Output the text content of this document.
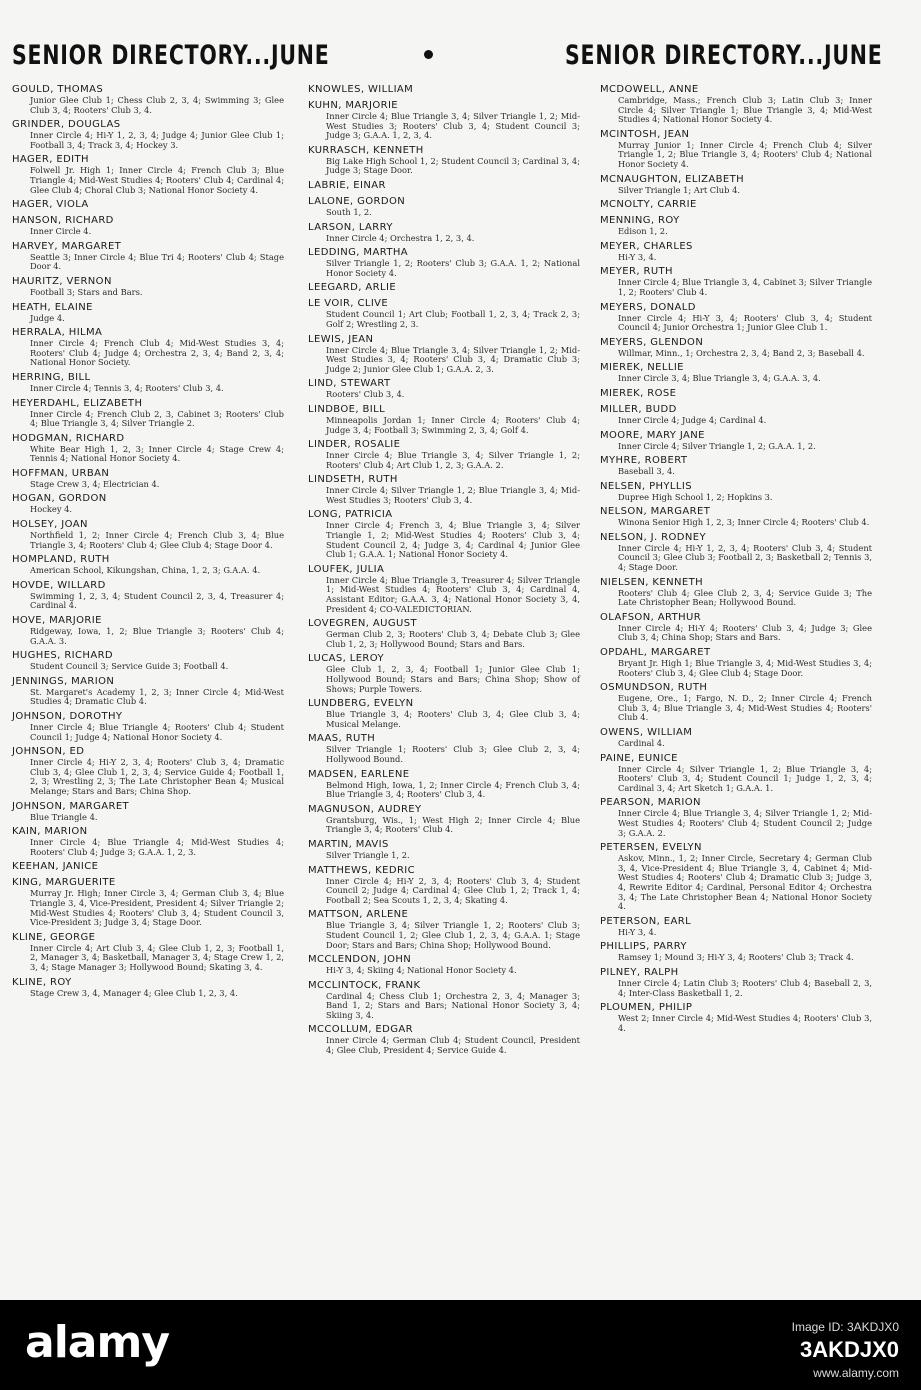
SENIOR DIRECTORY...JUNE	SENIOR DIRECTORY...JUNE
GOULD, THOMAS
Junior Glee Club 1; Chess Club 2, 3, 4; Swimming 3; Glee Club 3, 4; Rooters' Club 3, 4.
GRINDER, DOUGLAS
Inner Circle 4; Hi-Y 1, 2, 3, 4; Judge 4; Junior Glee Club 1; Football 3, 4; Track 3, 4; Hockey 3.
HAGER, EDITH
Folwell Jr. High 1; Inner Circle 4; French Club 3; Blue Triangle 4; Mid-West Studies 4; Rooters' Club 4; Cardinal 4; Glee Club 4; Choral Club 3; National Honor Society 4.
HAGER, VIOLA
HANSON, RICHARD
Inner Circle 4.
HARVEY, MARGARET
Seattle 3; Inner Circle 4; Blue Tri 4; Rooters' Club 4; Stage Door 4.
HAURITZ, VERNON
Football 3; Stars and Bars.
HEATH, ELAINE
Judge 4.
HERRALA, HILMA
Inner Circle 4; French Club 4; Mid-West Studies 3, 4; Rooters' Club 4; Judge 4; Orchestra 2, 3, 4; Band 2, 3, 4; National Honor Society.
HERRING, BILL
Inner Circle 4; Tennis 3, 4; Rooters' Club 3, 4.
HEYERDAHL, ELIZABETH
Inner Circle 4; French Club 2, 3, Cabinet 3; Rooters' Club 4; Blue Triangle 3, 4; Silver Triangle 2.
HODGMAN, RICHARD
White Bear High 1, 2, 3; Inner Circle 4; Stage Crew 4; Tennis 4; National Honor Society 4.
HOFFMAN, URBAN
Stage Crew 3, 4; Electrician 4.
HOGAN, GORDON
Hockey 4.
HOLSEY, JOAN
Northfield 1, 2; Inner Circle 4; French Club 3, 4; Blue Triangle 3, 4; Rooters' Club 4; Glee Club 4; Stage Door 4.
HOMPLAND, RUTH
American School, Kikungshan, China, 1, 2, 3; G.A.A. 4.
HOVDE, WILLARD
Swimming 1, 2, 3, 4; Student Council 2, 3, 4, Treasurer 4; Cardinal 4.
HOVE, MARJORIE
Ridgeway, Iowa, 1, 2; Blue Triangle 3; Rooters' Club 4; G.A.A. 3.
HUGHES, RICHARD
Student Council 3; Service Guide 3; Football 4.
JENNINGS, MARION
St. Margaret's Academy 1, 2, 3; Inner Circle 4; Mid-West Studies 4; Dramatic Club 4.
JOHNSON, DOROTHY
Inner Circle 4; Blue Triangle 4; Rooters' Club 4; Student Council 1; Judge 4; National Honor Society 4.
JOHNSON, ED
Inner Circle 4; Hi-Y 2, 3, 4; Rooters' Club 3, 4; Dramatic Club 3, 4; Glee Club 1, 2, 3, 4; Service Guide 4; Football 1, 2, 3; Wrestling 2, 3; The Late Christopher Bean 4; Musical Melange; Stars and Bars; China Shop.
JOHNSON, MARGARET
Blue Triangle 4.
KAIN, MARION
Inner Circle 4; Blue Triangle 4; Mid-West Studies 4; Rooters' Club 4; Judge 3; G.A.A. 1, 2, 3.
KEEHAN, JANICE
KING, MARGUERITE
Murray Jr. High; Inner Circle 3, 4; German Club 3, 4; Blue Triangle 3, 4, Vice-President, President 4; Silver Triangle 2; Mid-West Studies 4; Rooters' Club 3, 4; Student Council 3, Vice-President 3; Judge 3, 4; Stage Door.
KLINE, GEORGE
Inner Circle 4; Art Club 3, 4; Glee Club 1, 2, 3; Football 1, 2, Manager 3, 4; Basketball, Manager 3, 4; Stage Crew 1, 2, 3, 4; Stage Manager 3; Hollywood Bound; Skating 3, 4.
KLINE, ROY
Stage Crew 3, 4, Manager 4; Glee Club 1, 2, 3, 4.
KNOWLES, WILLIAM
KUHN, MARJORIE
Inner Circle 4; Blue Triangle 3, 4; Silver Triangle 1, 2; Mid-West Studies 3; Rooters' Club 3, 4; Student Council 3; Judge 3; G.A.A. 1, 2, 3, 4.
KURRASCH, KENNETH
Big Lake High School 1, 2; Student Council 3; Cardinal 3, 4; Judge 3; Stage Door.
LABRIE, EINAR
LALONE, GORDON
South 1, 2.
LARSON, LARRY
Inner Circle 4; Orchestra 1, 2, 3, 4.
LEDDING, MARTHA
Silver Triangle 1, 2; Rooters' Club 3; G.A.A. 1, 2; National Honor Society 4.
LEEGARD, ARLIE
LE VOIR, CLIVE
Student Council 1; Art Club; Football 1, 2, 3, 4; Track 2, 3; Golf 2; Wrestling 2, 3.
LEWIS, JEAN
Inner Circle 4; Blue Triangle 3, 4; Silver Triangle 1, 2; Mid-West Studies 3, 4; Rooters' Club 3, 4; Dramatic Club 3; Judge 2; Junior Glee Club 1; G.A.A. 2, 3.
LIND, STEWART
Rooters' Club 3, 4.
LINDBOE, BILL
Minneapolis Jordan 1; Inner Circle 4; Rooters' Club 4; Judge 3, 4; Football 3; Swimming 2, 3, 4; Golf 4.
LINDER, ROSALIE
Inner Circle 4; Blue Triangle 3, 4; Silver Triangle 1, 2; Rooters' Club 4; Art Club 1, 2, 3; G.A.A. 2.
LINDSETH, RUTH
Inner Circle 4; Silver Triangle 1, 2; Blue Triangle 3, 4; Mid-West Studies 3; Rooters' Club 3, 4.
LONG, PATRICIA
Inner Circle 4; French 3, 4; Blue Triangle 3, 4; Silver Triangle 1, 2; Mid-West Studies 4; Rooters' Club 3, 4; Student Council 2, 4; Judge 3, 4; Cardinal 4; Junior Glee Club 1; G.A.A. 1; National Honor Society 4.
LOUFEK, JULIA
Inner Circle 4; Blue Triangle 3, Treasurer 4; Silver Triangle 1; Mid-West Studies 4; Rooters' Club 3, 4; Cardinal 4, Assistant Editor; G.A.A. 3, 4; National Honor Society 3, 4, President 4; CO-VALEDICTORIAN.
LOVEGREN, AUGUST
German Club 2, 3; Rooters' Club 3, 4; Debate Club 3; Glee Club 1, 2, 3; Hollywood Bound; Stars and Bars.
LUCAS, LEROY
Glee Club 1, 2, 3, 4; Football 1; Junior Glee Club 1; Hollywood Bound; Stars and Bars; China Shop; Show of Shows; Purple Towers.
LUNDBERG, EVELYN
Blue Triangle 3, 4; Rooters' Club 3, 4; Glee Club 3, 4; Musical Melange.
MAAS, RUTH
Silver Triangle 1; Rooters' Club 3; Glee Club 2, 3, 4; Hollywood Bound.
MADSEN, EARLENE
Belmond High, Iowa, 1, 2; Inner Circle 4; French Club 3, 4; Blue Triangle 3, 4; Rooters' Club 3, 4.
MAGNUSON, AUDREY
Grantsburg, Wis., 1; West High 2; Inner Circle 4; Blue Triangle 3, 4; Rooters' Club 4.
MARTIN, MAVIS
Silver Triangle 1, 2.
MATTHEWS, KEDRIC
Inner Circle 4; Hi-Y 2, 3, 4; Rooters' Club 3, 4; Student Council 2; Judge 4; Cardinal 4; Glee Club 1, 2; Track 1, 4; Football 2; Sea Scouts 1, 2, 3, 4; Skating 4.
MATTSON, ARLENE
Blue Triangle 3, 4; Silver Triangle 1, 2; Rooters' Club 3; Student Council 1, 2; Glee Club 1, 2, 3, 4; G.A.A. 1; Stage Door; Stars and Bars; China Shop; Hollywood Bound.
MCCLENDON, JOHN
Hi-Y 3, 4; Skiing 4; National Honor Society 4.
MCCLINTOCK, FRANK
Cardinal 4; Chess Club 1; Orchestra 2, 3, 4; Manager 3; Band 1, 2; Stars and Bars; National Honor Society 3, 4; Skiing 3, 4.
MCCOLLUM, EDGAR
Inner Circle 4; German Club 4; Student Council, President 4; Glee Club, President 4; Service Guide 4.
MCDOWELL, ANNE
Cambridge, Mass.; French Club 3; Latin Club 3; Inner Circle 4; Silver Triangle 1; Blue Triangle 3, 4; Mid-West Studies 4; National Honor Society 4.
MCINTOSH, JEAN
Murray Junior 1; Inner Circle 4; French Club 4; Silver Triangle 1, 2; Blue Triangle 3, 4; Rooters' Club 4; National Honor Society 4.
MCNAUGHTON, ELIZABETH
Silver Triangle 1; Art Club 4.
MCNOLTY, CARRIE
MENNING, ROY
Edison 1, 2.
MEYER, CHARLES
Hi-Y 3, 4.
MEYER, RUTH
Inner Circle 4; Blue Triangle 3, 4, Cabinet 3; Silver Triangle 1, 2; Rooters' Club 4.
MEYERS, DONALD
Inner Circle 4; Hi-Y 3, 4; Rooters' Club 3, 4; Student Council 4; Junior Orchestra 1; Junior Glee Club 1.
MEYERS, GLENDON
Willmar, Minn., 1; Orchestra 2, 3, 4; Band 2, 3; Baseball 4.
MIEREK, NELLIE
Inner Circle 3, 4; Blue Triangle 3, 4; G.A.A. 3, 4.
MIEREK, ROSE
MILLER, BUDD
Inner Circle 4; Judge 4; Cardinal 4.
MOORE, MARY JANE
Inner Circle 4; Silver Triangle 1, 2; G.A.A. 1, 2.
MYHRE, ROBERT
Baseball 3, 4.
NELSEN, PHYLLIS
Dupree High School 1, 2; Hopkins 3.
NELSON, MARGARET
Winona Senior High 1, 2, 3; Inner Circle 4; Rooters' Club 4.
NELSON, J. RODNEY
Inner Circle 4; Hi-Y 1, 2, 3, 4; Rooters' Club 3, 4; Student Council 3; Glee Club 3; Football 2, 3; Basketball 2; Tennis 3, 4; Stage Door.
NIELSEN, KENNETH
Rooters' Club 4; Glee Club 2, 3, 4; Service Guide 3; The Late Christopher Bean; Hollywood Bound.
OLAFSON, ARTHUR
Inner Circle 4; Hi-Y 4; Rooters' Club 3, 4; Judge 3; Glee Club 3, 4; China Shop; Stars and Bars.
OPDAHL, MARGARET
Bryant Jr. High 1; Blue Triangle 3, 4; Mid-West Studies 3, 4; Rooters' Club 3, 4; Glee Club 4; Stage Door.
OSMUNDSON, RUTH
Eugene, Ore., 1; Fargo, N. D., 2; Inner Circle 4; French Club 3, 4; Blue Triangle 3, 4; Mid-West Studies 4; Rooters' Club 4.
OWENS, WILLIAM
Cardinal 4.
PAINE, EUNICE
Inner Circle 4; Silver Triangle 1, 2; Blue Triangle 3, 4; Rooters' Club 3, 4; Student Council 1; Judge 1, 2, 3, 4; Cardinal 3, 4; Art Sketch 1; G.A.A. 1.
PEARSON, MARION
Inner Circle 4; Blue Triangle 3, 4; Silver Triangle 1, 2; Mid-West Studies 4; Rooters' Club 4; Student Council 2; Judge 3; G.A.A. 2.
PETERSEN, EVELYN
Askov, Minn., 1, 2; Inner Circle, Secretary 4; German Club 3, 4, Vice-President 4; Blue Triangle 3, 4, Cabinet 4; Mid-West Studies 4; Rooters' Club 4; Dramatic Club 3; Judge 3, 4, Rewrite Editor 4; Cardinal, Personal Editor 4; Orchestra 3, 4; The Late Christopher Bean 4; National Honor Society 4.
PETERSON, EARL
Hi-Y 3, 4.
PHILLIPS, PARRY
Ramsey 1; Mound 3; Hi-Y 3, 4; Rooters' Club 3; Track 4.
PILNEY, RALPH
Inner Circle 4; Latin Club 3; Rooters' Club 4; Baseball 2, 3, 4; Inter-Class Basketball 1, 2.
PLOUMEN, PHILIP
West 2; Inner Circle 4; Mid-West Studies 4; Rooters' Club 3, 4.
alamy	Image ID: 3AKDJX0
3AKDJX0
www.alamy.com
